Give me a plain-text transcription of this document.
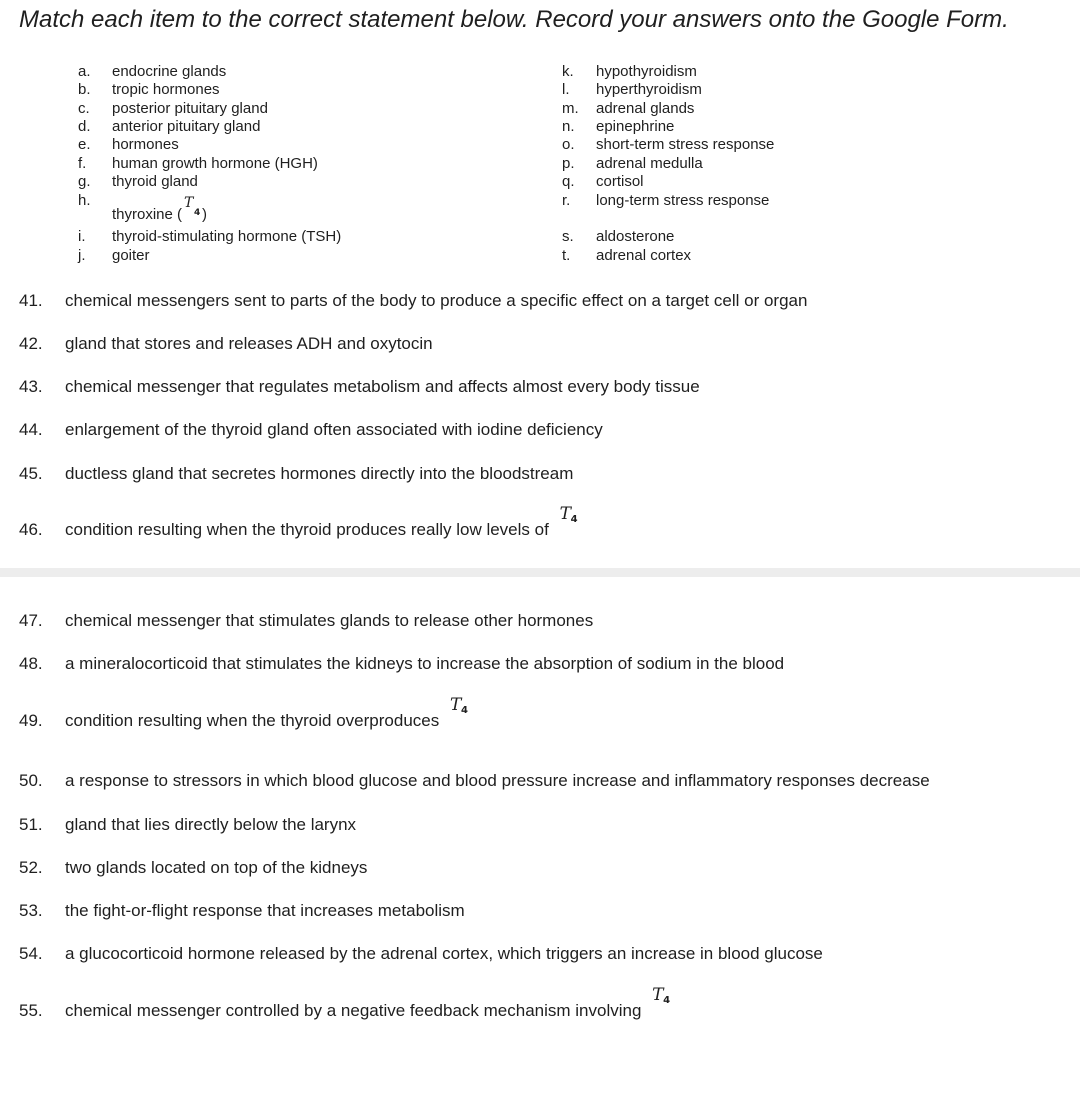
Match each item to the correct statement below. Record your answers onto the Google Form.
a. endocrine glands
b. tropic hormones
c. posterior pituitary gland
d. anterior pituitary gland
e. hormones
f. human growth hormone (HGH)
g. thyroid gland
h.
thyroxine (
T
4 )
i. thyroid-stimulating hormone (TSH)
j. goiter
k. hypothyroidism
l. hyperthyroidism
m. adrenal glands
n. epinephrine
o. short-term stress response
p. adrenal medulla
q. cortisol
r. long-term stress response
s. aldosterone
t. adrenal cortex
41. chemical messengers sent to parts of the body to produce a specific effect on a target cell or organ
42. gland that stores and releases ADH and oxytocin
43. chemical messenger that regulates metabolism and affects almost every body tissue
44. enlargement of the thyroid gland often associated with iodine deficiency
45. ductless gland that secretes hormones directly into the bloodstream
46. condition resulting when the thyroid produces really low levels of
T 4
47. chemical messenger that stimulates glands to release other hormones
48. a mineralocorticoid that stimulates the kidneys to increase the absorption of sodium in the blood
49. condition resulting when the thyroid overproduces
T 4
50. a response to stressors in which blood glucose and blood pressure increase and inflammatory responses decrease
51. gland that lies directly below the larynx
52. two glands located on top of the kidneys
53. the fight-or-flight response that increases metabolism
54. a glucocorticoid hormone released by the adrenal cortex, which triggers an increase in blood glucose
55. chemical messenger controlled by a negative feedback mechanism involving
T 4
